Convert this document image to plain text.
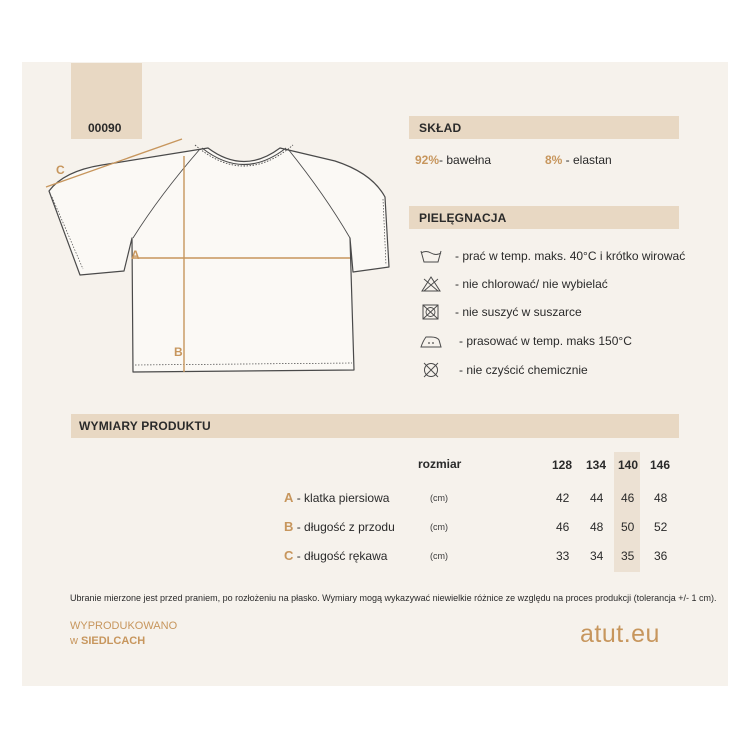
00090
A
B
C
SKŁAD
92%- bawełna	8% - elastan
PIELĘGNACJA
- prać w temp. maks. 40°C i krótko wirować
- nie chlorować/ nie wybielać
- nie suszyć w suszarce
- prasować w temp. maks 150°C
- nie czyścić chemicznie
WYMIARY PRODUKTU
rozmiar	128 134 140 146
A - klatka piersiowa	(cm)	42 44 46 48
B - długość z przodu	(cm)	46 48 50 52
C - długość rękawa	(cm)	33 34 35 36
Ubranie mierzone jest przed praniem, po rozłożeniu na płasko. Wymiary mogą wykazywać niewielkie różnice ze względu na proces produkcji (tolerancja +/- 1 cm).
WYPRODUKOWANO
w SIEDLCACH	atut.eu
